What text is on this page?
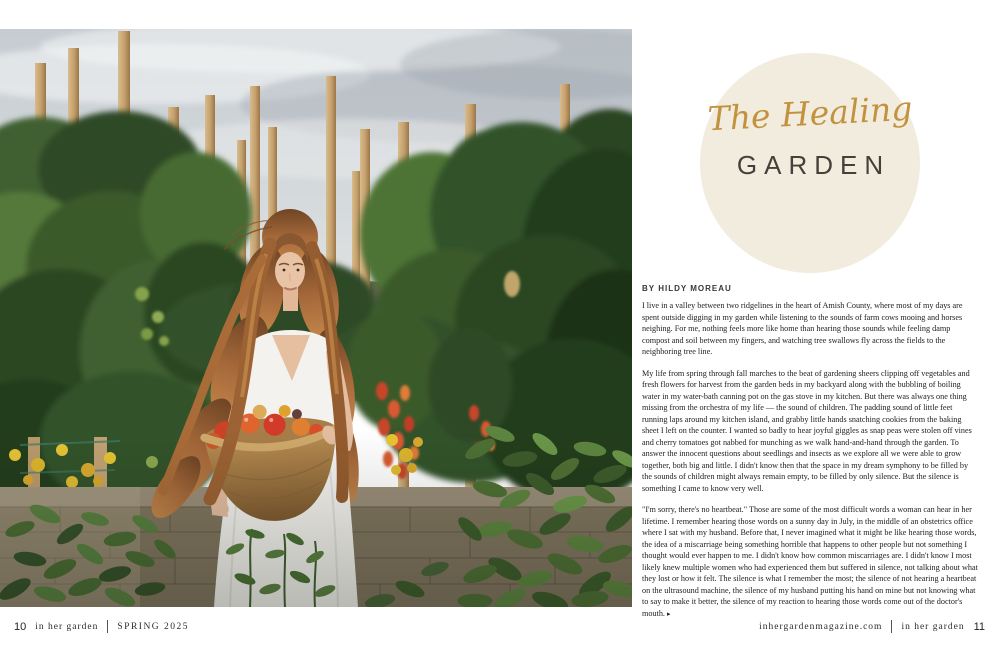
The Healing
GARDEN
BY HILDY MOREAU

I live in a valley between two ridgelines in the heart of Amish County, where most of my days are spent outside digging in my garden while listening to the sounds of farm cows mooing and horses neighing. For me, nothing feels more like home than hearing those sounds while feeling damp compost and soil between my fingers, and watching tree swallows fly across the fields to the neighboring tree line.

My life from spring through fall marches to the beat of gardening sheers clipping off vegetables and fresh flowers for harvest from the garden beds in my backyard along with the bubbling of boiling water in my water-bath canning pot on the gas stove in my kitchen. But there was always one thing missing from the orchestra of my life — the sound of children. The padding sound of little feet running laps around my kitchen island, and grabby little hands snatching cookies from the baking sheet I left on the counter. I wanted so badly to hear joyful giggles as snap peas were stolen off vines and cherry tomatoes got nabbed for munching as we walk hand-and-hand through the garden. To answer the innocent questions about seedlings and insects as we explore all we were able to grow together, both big and little. I didn't know then that the space in my dream symphony to be filled by the sounds of children might always remain empty, to be filled by only silence. But the silence is something I came to know very well.

"I'm sorry, there's no heartbeat." Those are some of the most difficult words a woman can hear in her lifetime. I remember hearing those words on a sunny day in July, in the middle of an obstetrics office where I sat with my husband. Before that, I never imagined what it might be like hearing those words, the idea of a miscarriage being something horrible that happens to other people but not something I thought would ever happen to me. I didn't know how common miscarriages are. I didn't know I most likely knew multiple women who had experienced them but suffered in silence, not talking about what they lost or how it felt. The silence is what I remember the most; the silence of not hearing a heartbeat on the ultrasound machine, the silence of my husband putting his hand on mine but not knowing what to say to make it better, the silence of my reaction to hearing those words come out of the doctor's mouth. ▸

10 in her garden SPRING 2025	inhergardenmagazine.com in her garden 11
